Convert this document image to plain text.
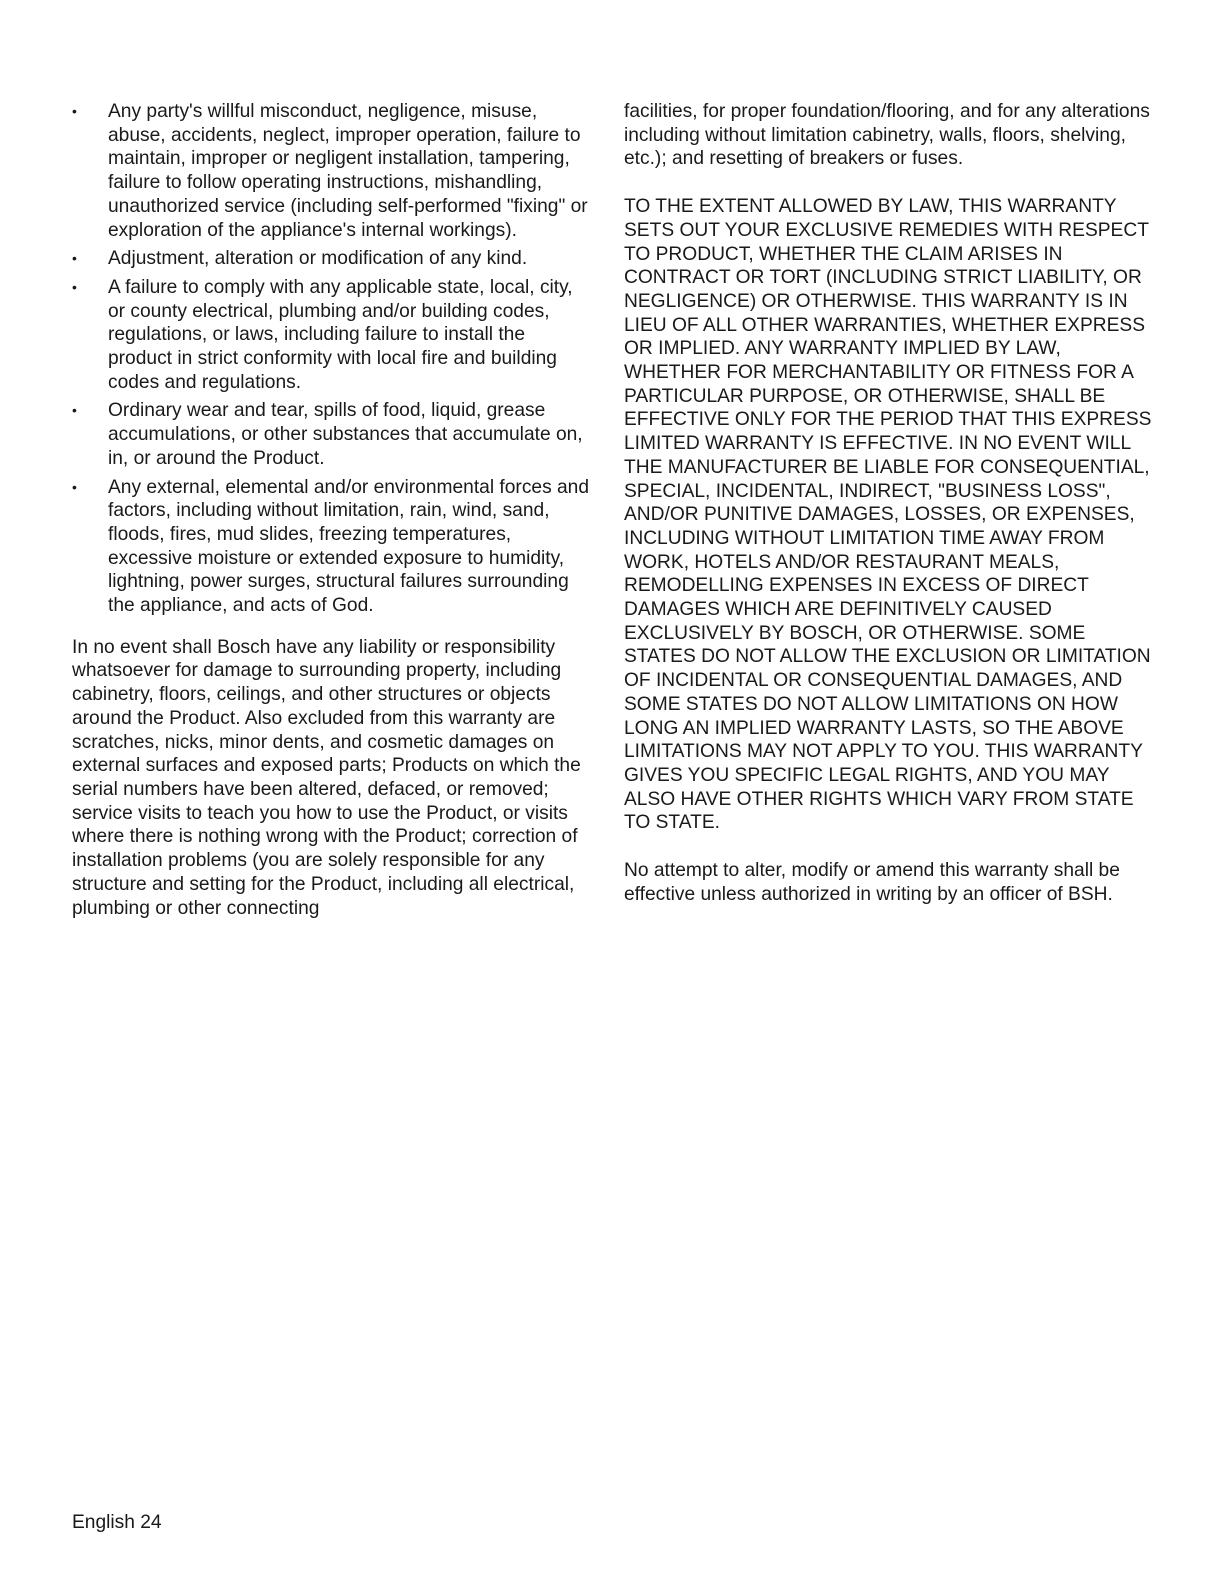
• Any party's willful misconduct, negligence, misuse, abuse, accidents, neglect, improper operation, failure to maintain, improper or negligent installation, tampering, failure to follow operating instructions, mishandling, unauthorized service (including self-performed "fixing" or exploration of the appliance's internal workings).
• Adjustment, alteration or modification of any kind.
• A failure to comply with any applicable state, local, city, or county electrical, plumbing and/or building codes, regulations, or laws, including failure to install the product in strict conformity with local fire and building codes and regulations.
• Ordinary wear and tear, spills of food, liquid, grease accumulations, or other substances that accumulate on, in, or around the Product.
• Any external, elemental and/or environmental forces and factors, including without limitation, rain, wind, sand, floods, fires, mud slides, freezing temperatures, excessive moisture or extended exposure to humidity, lightning, power surges, structural failures surrounding the appliance, and acts of God.

In no event shall Bosch have any liability or responsibility whatsoever for damage to surrounding property, including cabinetry, floors, ceilings, and other structures or objects around the Product. Also excluded from this warranty are scratches, nicks, minor dents, and cosmetic damages on external surfaces and exposed parts; Products on which the serial numbers have been altered, defaced, or removed; service visits to teach you how to use the Product, or visits where there is nothing wrong with the Product; correction of installation problems (you are solely responsible for any structure and setting for the Product, including all electrical, plumbing or other connecting

facilities, for proper foundation/flooring, and for any alterations including without limitation cabinetry, walls, floors, shelving, etc.); and resetting of breakers or fuses.

TO THE EXTENT ALLOWED BY LAW, THIS WARRANTY SETS OUT YOUR EXCLUSIVE REMEDIES WITH RESPECT TO PRODUCT, WHETHER THE CLAIM ARISES IN CONTRACT OR TORT (INCLUDING STRICT LIABILITY, OR NEGLIGENCE) OR OTHERWISE. THIS WARRANTY IS IN LIEU OF ALL OTHER WARRANTIES, WHETHER EXPRESS OR IMPLIED. ANY WARRANTY IMPLIED BY LAW, WHETHER FOR MERCHANTABILITY OR FITNESS FOR A PARTICULAR PURPOSE, OR OTHERWISE, SHALL BE EFFECTIVE ONLY FOR THE PERIOD THAT THIS EXPRESS LIMITED WARRANTY IS EFFECTIVE. IN NO EVENT WILL THE MANUFACTURER BE LIABLE FOR CONSEQUENTIAL, SPECIAL, INCIDENTAL, INDIRECT, "BUSINESS LOSS", AND/OR PUNITIVE DAMAGES, LOSSES, OR EXPENSES, INCLUDING WITHOUT LIMITATION TIME AWAY FROM WORK, HOTELS AND/OR RESTAURANT MEALS, REMODELLING EXPENSES IN EXCESS OF DIRECT DAMAGES WHICH ARE DEFINITIVELY CAUSED EXCLUSIVELY BY BOSCH, OR OTHERWISE. SOME STATES DO NOT ALLOW THE EXCLUSION OR LIMITATION OF INCIDENTAL OR CONSEQUENTIAL DAMAGES, AND SOME STATES DO NOT ALLOW LIMITATIONS ON HOW LONG AN IMPLIED WARRANTY LASTS, SO THE ABOVE LIMITATIONS MAY NOT APPLY TO YOU. THIS WARRANTY GIVES YOU SPECIFIC LEGAL RIGHTS, AND YOU MAY ALSO HAVE OTHER RIGHTS WHICH VARY FROM STATE TO STATE.

No attempt to alter, modify or amend this warranty shall be effective unless authorized in writing by an officer of BSH.

English 24
